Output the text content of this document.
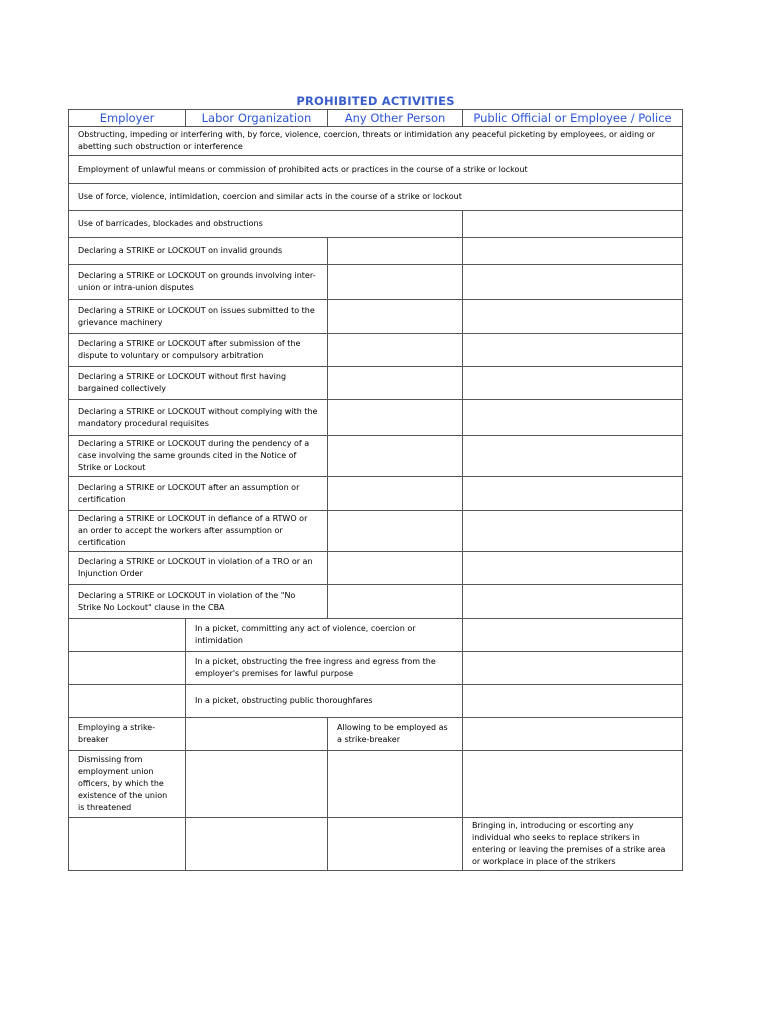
PROHIBITED ACTIVITIES
Employer	Labor Organization	Any Other Person	Public Official or Employee / Police
Obstructing, impeding or interfering with, by force, violence, coercion, threats or intimidation any peaceful picketing by employees, or aiding or abetting such obstruction or interference			
Employment of unlawful means or commission of prohibited acts or practices in the course of a strike or lockout			
Use of force, violence, intimidation, coercion and similar acts in the course of a strike or lockout			
Use of barricades, blockades and obstructions			
Declaring a STRIKE or LOCKOUT on invalid grounds			
Declaring a STRIKE or LOCKOUT on grounds involving inter-union or intra-union disputes			
Declaring a STRIKE or LOCKOUT on issues submitted to the grievance machinery			
Declaring a STRIKE or LOCKOUT after submission of the dispute to voluntary or compulsory arbitration			
Declaring a STRIKE or LOCKOUT without first having bargained collectively			
Declaring a STRIKE or LOCKOUT without complying with the mandatory procedural requisites			
Declaring a STRIKE or LOCKOUT during the pendency of a case involving the same grounds cited in the Notice of Strike or Lockout			
Declaring a STRIKE or LOCKOUT after an assumption or certification			
Declaring a STRIKE or LOCKOUT in defiance of a RTWO or an order to accept the workers after assumption or certification			
Declaring a STRIKE or LOCKOUT in violation of a TRO or an Injunction Order			
Declaring a STRIKE or LOCKOUT in violation of the "No Strike No Lockout" clause in the CBA			
	In a picket, committing any act of violence, coercion or intimidation		
	In a picket, obstructing the free ingress and egress from the employer's premises for lawful purpose		
	In a picket, obstructing public thoroughfares		
Employing a strike-breaker		Allowing to be employed as a strike-breaker	
Dismissing from employment union officers, by which the existence of the union is threatened			
			Bringing in, introducing or escorting any individual who seeks to replace strikers in entering or leaving the premises of a strike area or workplace in place of the strikers
